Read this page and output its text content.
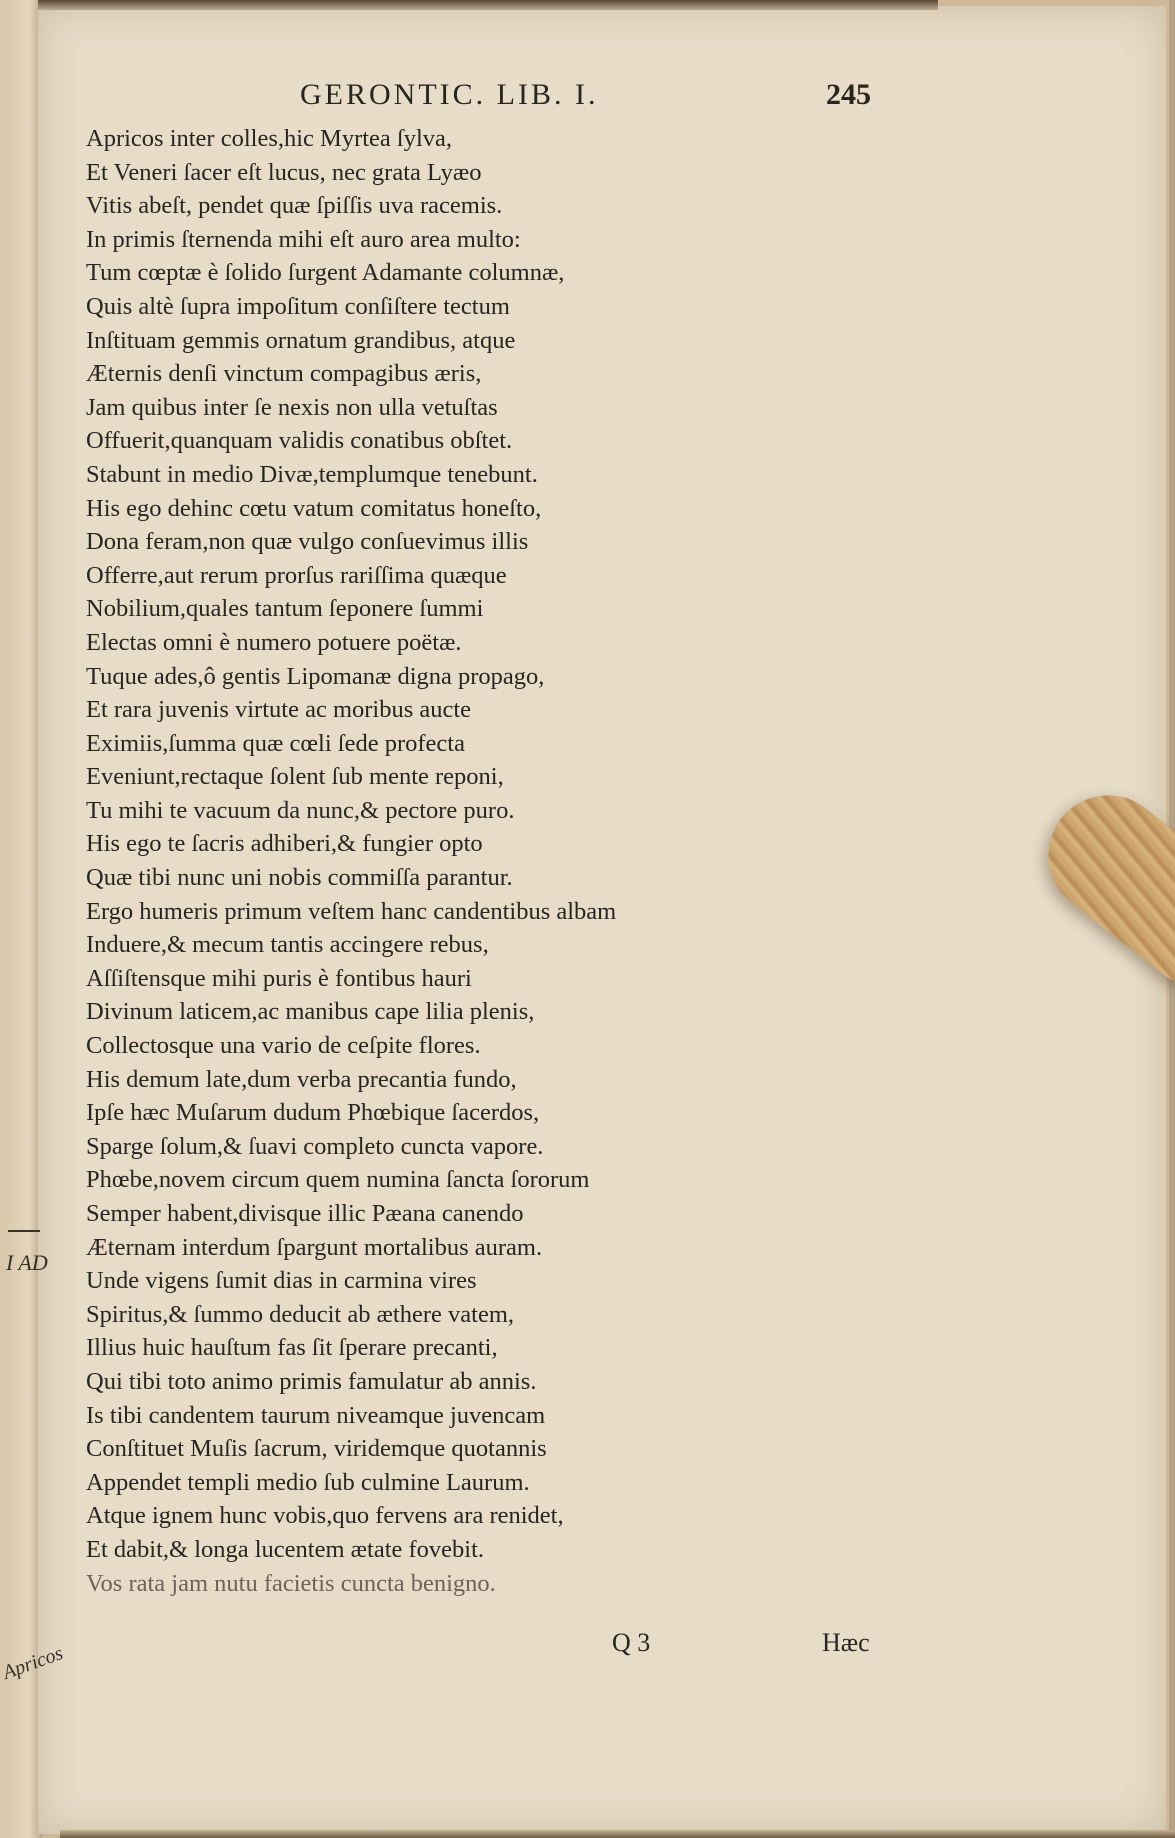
GERONTIC. LIB. I.	245
Apricos inter colles,hic Myrtea ſylva,
Et Veneri ſacer eſt lucus, nec grata Lyæo
Vitis abeſt, pendet quæ ſpiſſis uva racemis.
In primis ſternenda mihi eſt auro area multo:
Tum cœptæ è ſolido ſurgent Adamante columnæ,
Quis altè ſupra impoſitum conſiſtere tectum
Inſtituam gemmis ornatum grandibus, atque
Æternis denſi vinctum compagibus æris,
Jam quibus inter ſe nexis non ulla vetuſtas
Offuerit,quanquam validis conatibus obſtet.
Stabunt in medio Divæ,templumque tenebunt.
His ego dehinc cœtu vatum comitatus honeſto,
Dona feram,non quæ vulgo conſuevimus illis
Offerre,aut rerum prorſus rariſſima quæque
Nobilium,quales tantum ſeponere ſummi
Electas omni è numero potuere poëtæ.
Tuque ades,ô gentis Lipomanæ digna propago,
Et rara juvenis virtute ac moribus aucte
Eximiis,ſumma quæ cœli ſede profecta
Eveniunt,rectaque ſolent ſub mente reponi,
Tu mihi te vacuum da nunc,& pectore puro.
His ego te ſacris adhiberi,& fungier opto
Quæ tibi nunc uni nobis commiſſa parantur.
Ergo humeris primum veſtem hanc candentibus albam
Induere,& mecum tantis accingere rebus,
Aſſiſtensque mihi puris è fontibus hauri
Divinum laticem,ac manibus cape lilia plenis,
Collectosque una vario de ceſpite flores.
His demum late,dum verba precantia fundo,
Ipſe hæc Muſarum dudum Phœbique ſacerdos,
Sparge ſolum,& ſuavi completo cuncta vapore.
Phœbe,novem circum quem numina ſancta ſororum
Semper habent,divisque illic Pæana canendo
Æternam interdum ſpargunt mortalibus auram.
Unde vigens ſumit dias in carmina vires
Spiritus,& ſummo deducit ab æthere vatem,
Illius huic hauſtum fas ſit ſperare precanti,
Qui tibi toto animo primis famulatur ab annis.
Is tibi candentem taurum niveamque juvencam
Conſtituet Muſis ſacrum, viridemque quotannis
Appendet templi medio ſub culmine Laurum.
Atque ignem hunc vobis,quo fervens ara renidet,
Et dabit,& longa lucentem ætate fovebit.
Vos rata jam nutu facietis cuncta benigno.
I AD
Apricos	Q 3	Hæc
